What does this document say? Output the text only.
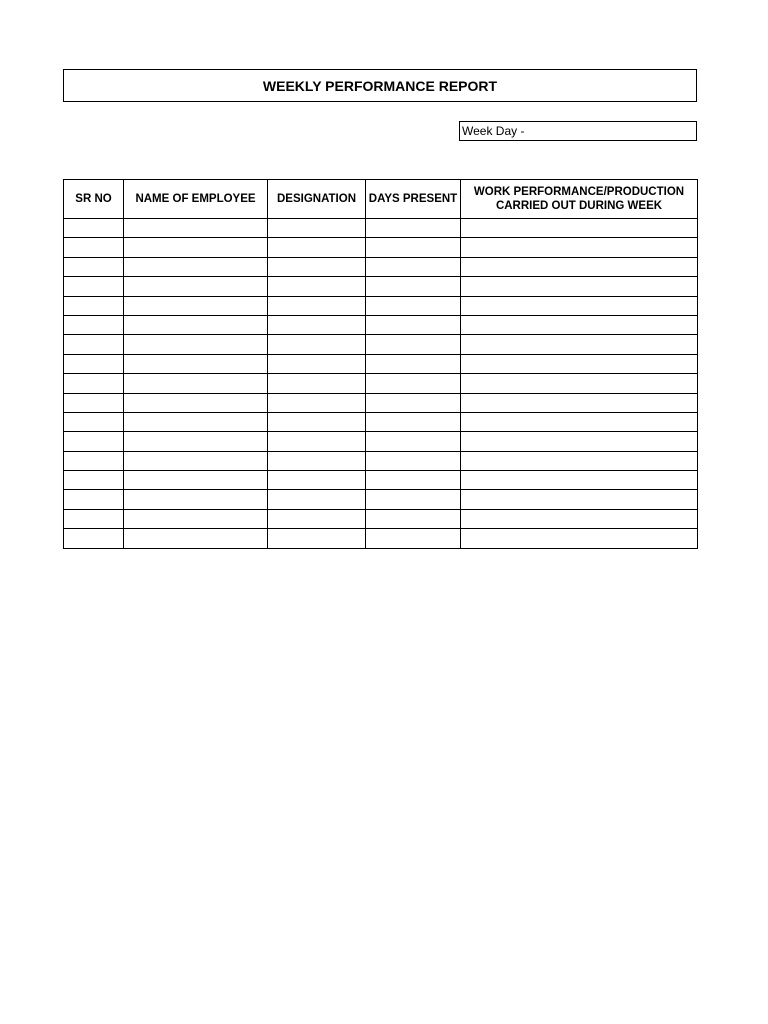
WEEKLY PERFORMANCE REPORT
Week Day -
SR NO	NAME OF EMPLOYEE	DESIGNATION	DAYS PRESENT	WORK PERFORMANCE/PRODUCTION CARRIED OUT DURING WEEK
